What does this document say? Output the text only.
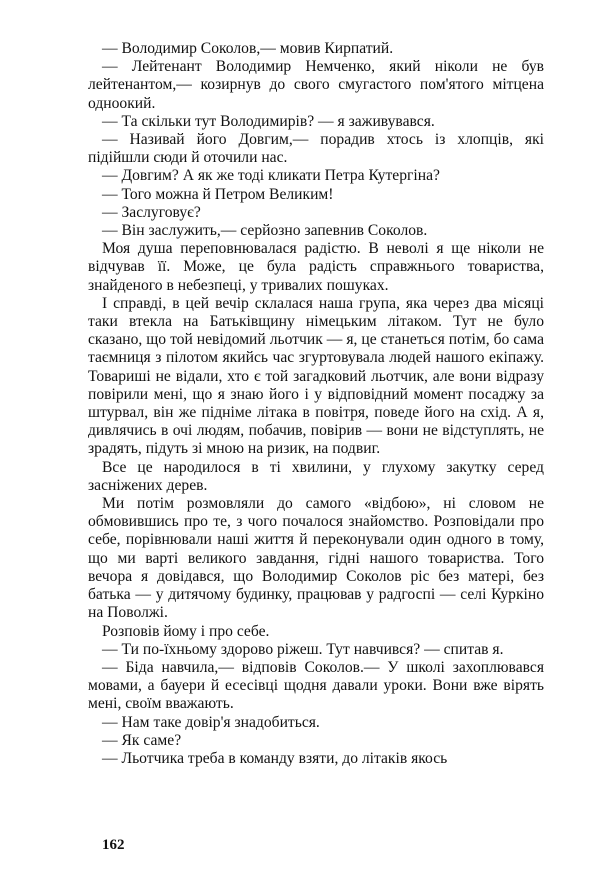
— Володимир Соколов,— мовив Кирпатий.

— Лейтенант Володимир Немченко, який ніколи не був лейтенантом,— козирнув до свого смугастого пом'ятого мітцена одноокий.

— Та скільки тут Володимирів? — я заживувався.

— Називай його Довгим,— порадив хтось із хлопців, які підійшли сюди й оточили нас.

— Довгим? А як же тоді кликати Петра Кутергіна?

— Того можна й Петром Великим!

— Заслуговує?

— Він заслужить,— серйозно запевнив Соколов.

Моя душа переповнювалася радістю. В неволі я ще ніколи не відчував її. Може, це була радість справжнього товариства, знайденого в небезпеці, у тривалих пошуках.

І справді, в цей вечір склалася наша група, яка через два місяці таки втекла на Батьківщину німецьким літаком. Тут не було сказано, що той невідомий льотчик — я, це станеться потім, бо сама таємниця з пілотом якийсь час згуртовувала людей нашого екіпажу. Товариші не відали, хто є той загадковий льотчик, але вони відразу повірили мені, що я знаю його і у відповідний момент посаджу за штурвал, він же підніме літака в повітря, поведе його на схід. А я, дивлячись в очі людям, побачив, повірив — вони не відступлять, не зрадять, підуть зі мною на ризик, на подвиг.

Все це народилося в ті хвилини, у глухому закутку серед засніжених дерев.

Ми потім розмовляли до самого «відбою», ні словом не обмовившись про те, з чого почалося знайомство. Розповідали про себе, порівнювали наші життя й переконували один одного в тому, що ми варті великого завдання, гідні нашого товариства. Того вечора я довідався, що Володимир Соколов ріс без матері, без батька — у дитячому будинку, працював у радгоспі — селі Куркіно на Поволжі.

Розповів йому і про себе.

— Ти по-їхньому здорово ріжеш. Тут навчився? — спитав я.

— Біда навчила,— відповів Соколов.— У школі захоплювався мовами, а бауери й есесівці щодня давали уроки. Вони вже вірять мені, своїм вважають.

— Нам таке довір'я знадобиться.

— Як саме?

— Льотчика треба в команду взяти, до літаків якось

162
